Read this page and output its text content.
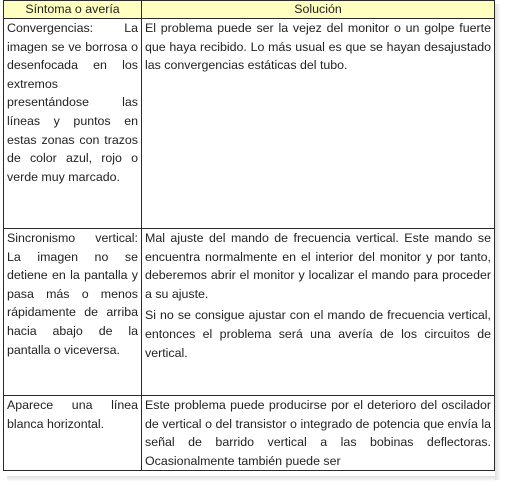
Síntoma o avería	Solución
Convergencias: La imagen se ve borrosa o desenfocada en los extremos presentándose las líneas y puntos en estas zonas con trazos de color azul, rojo o verde muy marcado.	El problema puede ser la vejez del monitor o un golpe fuerte que haya recibido. Lo más usual es que se hayan desajustado las convergencias estáticas del tubo.

Sincronismo vertical: La imagen no se detiene en la pantalla y pasa más o menos rápidamente de arriba hacia abajo de la pantalla o viceversa.	Mal ajuste del mando de frecuencia vertical. Este mando se encuentra normalmente en el interior del monitor y por tanto, deberemos abrir el monitor y localizar el mando para proceder a su ajuste.

Si no se consigue ajustar con el mando de frecuencia vertical, entonces el problema será una avería de los circuitos de vertical.

Aparece una línea blanca horizontal.	Este problema puede producirse por el deterioro del oscilador de vertical o del transistor o integrado de potencia que envía la señal de barrido vertical a las bobinas deflectoras. Ocasionalmente también puede ser
